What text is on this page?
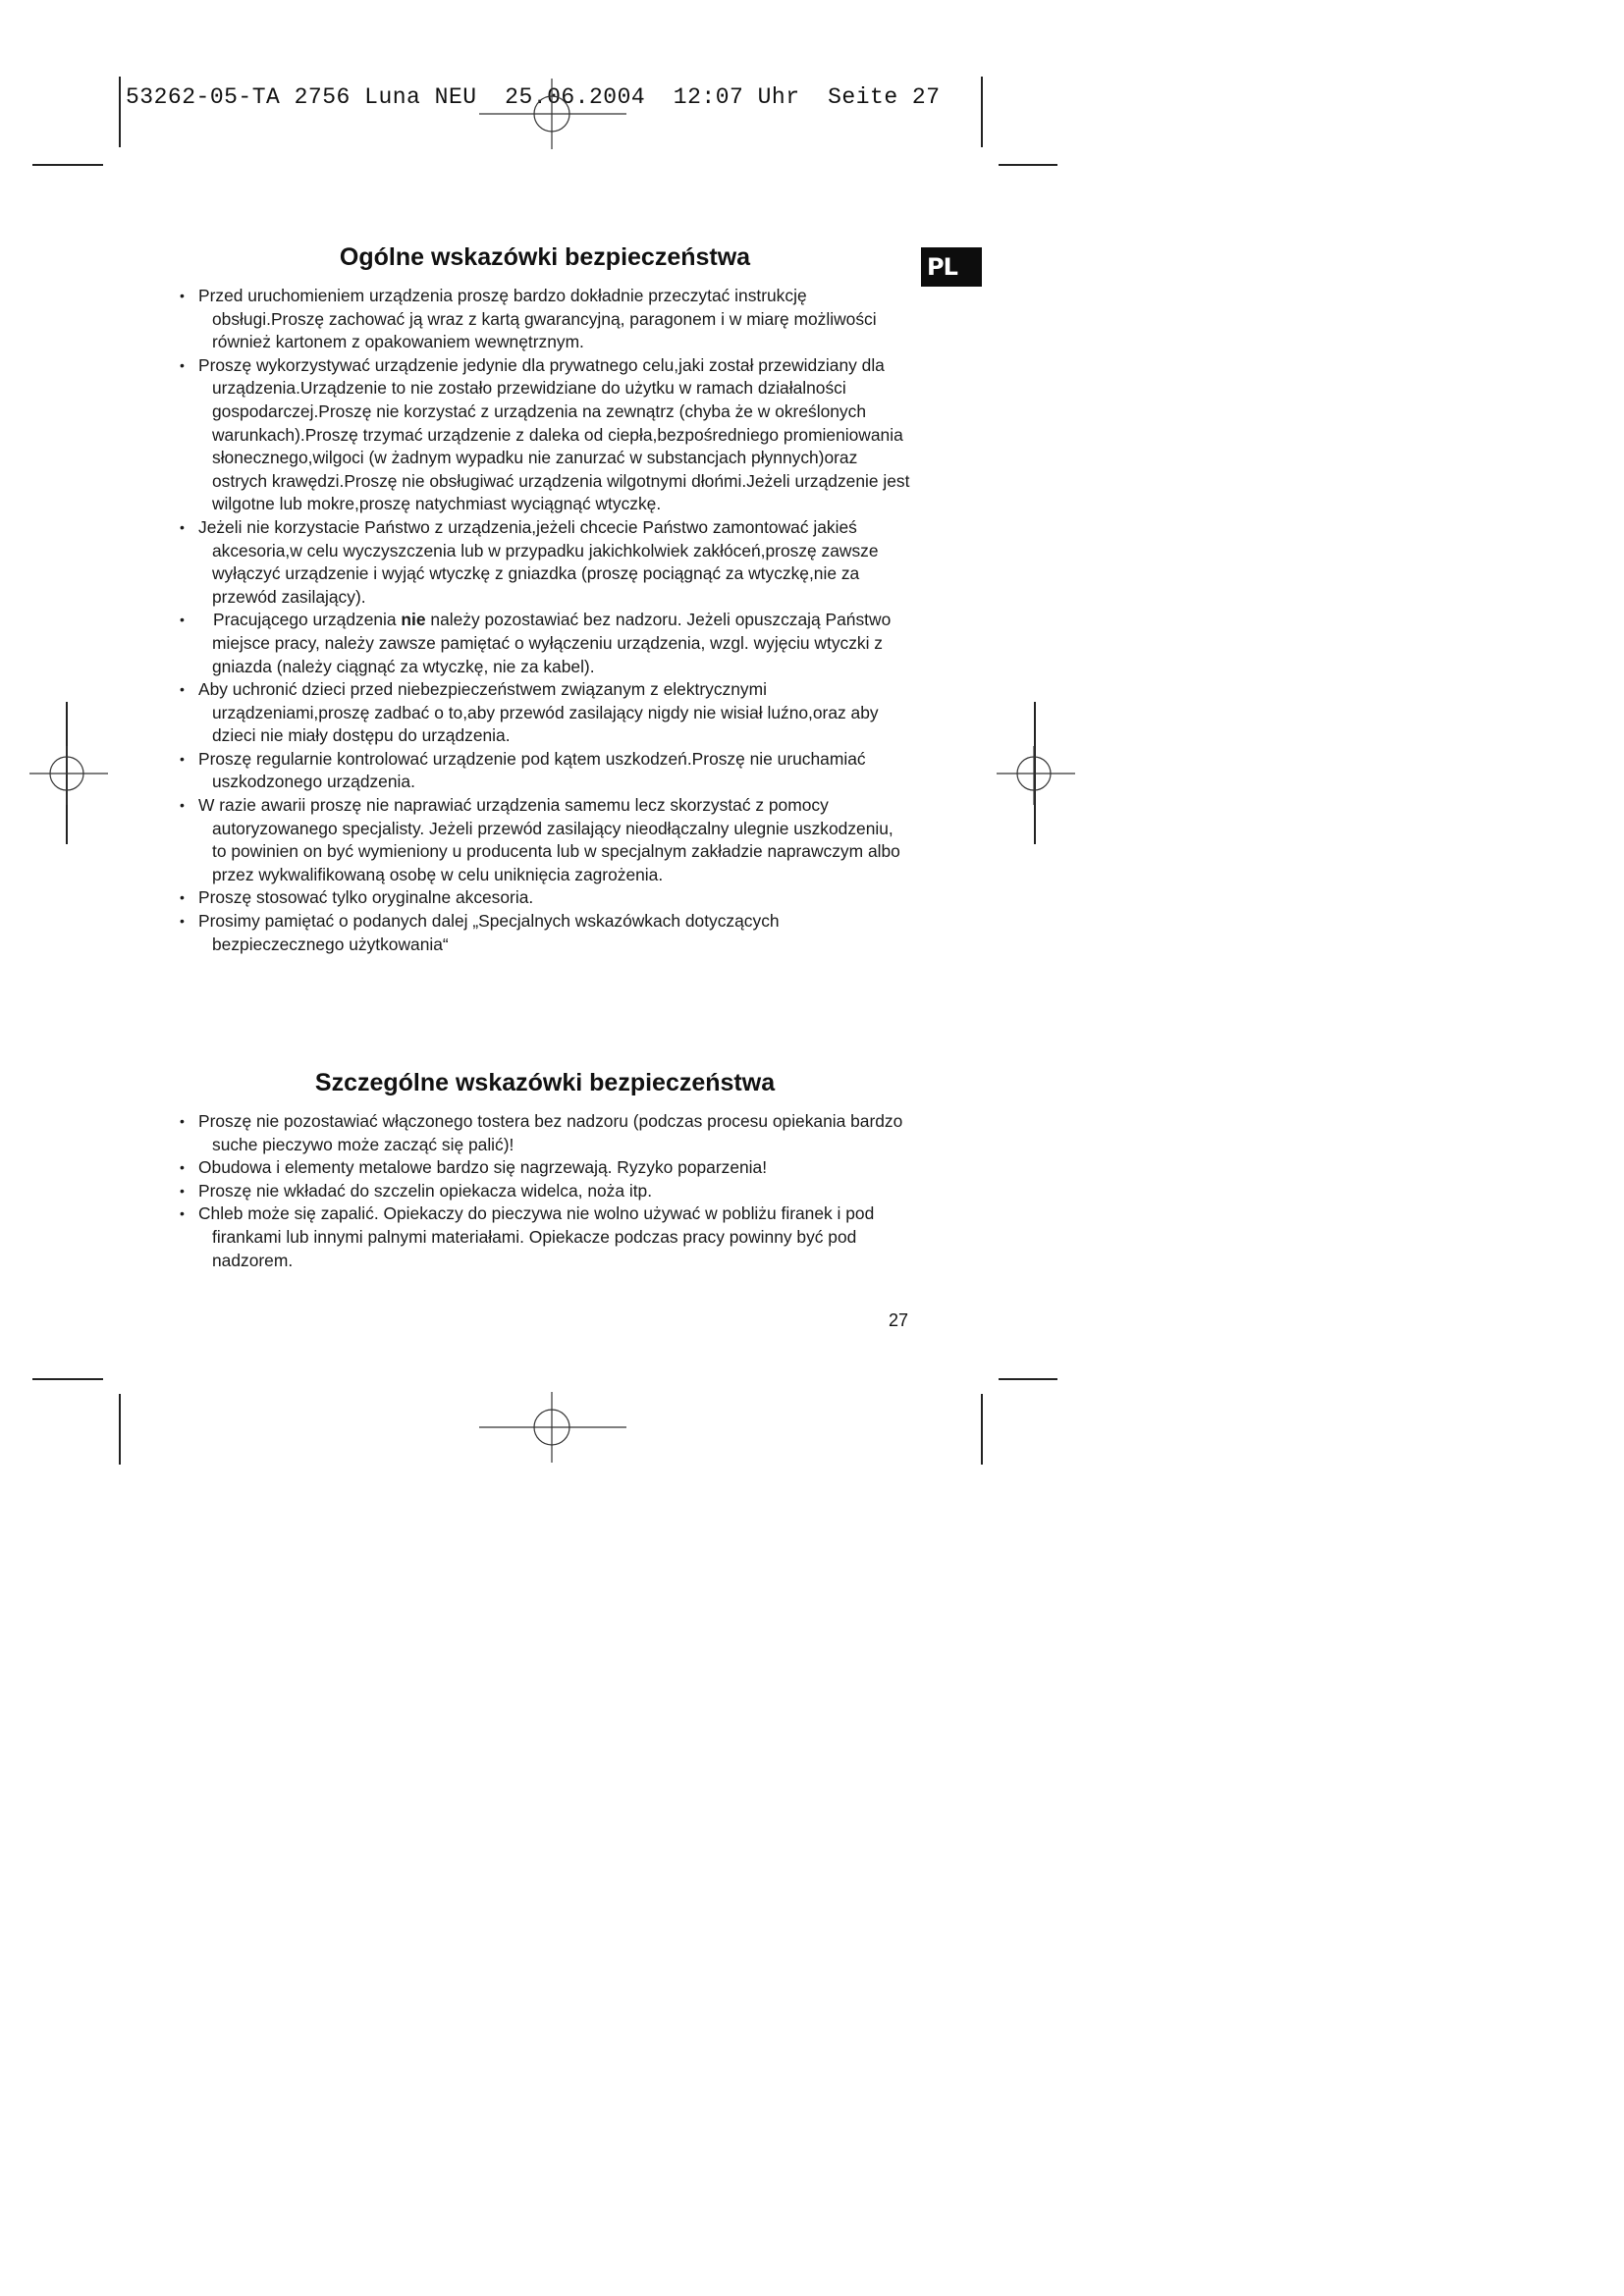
53262-05-TA 2756 Luna NEU  25.06.2004  12:07 Uhr  Seite 27
PL
Ogólne wskazówki bezpieczeństwa
• Przed uruchomieniem urządzenia proszę bardzo dokładnie przeczytać instrukcję obsługi.Proszę zachować ją wraz z kartą gwarancyjną, paragonem i w miarę możliwości również kartonem z opakowaniem wewnętrznym.
• Proszę wykorzystywać urządzenie jedynie dla prywatnego celu,jaki został przewidziany dla urządzenia.Urządzenie to nie zostało przewidziane do użytku w ramach działalności gospodarczej.Proszę nie korzystać z urządzenia na zewnątrz (chyba że w określonych warunkach).Proszę trzymać urządzenie z daleka od ciepła,bezpośredniego promieniowania słonecznego,wilgoci (w żadnym wypadku nie zanurzać w substancjach płynnych)oraz ostrych krawędzi.Proszę nie obsługiwać urządzenia wilgotnymi dłońmi.Jeżeli urządzenie jest wilgotne lub mokre,proszę natychmiast wyciągnąć wtyczkę.
• Jeżeli nie korzystacie Państwo z urządzenia,jeżeli chcecie Państwo zamontować jakieś akcesoria,w celu wyczyszczenia lub w przypadku jakichkolwiek zakłóceń,proszę zawsze wyłączyć urządzenie i wyjąć wtyczkę z gniazdka (proszę pociągnąć za wtyczkę,nie za przewód zasilający).
• Pracującego urządzenia nie należy pozostawiać bez nadzoru. Jeżeli opuszczają Państwo miejsce pracy, należy zawsze pamiętać o wyłączeniu urządzenia, wzgl. wyjęciu wtyczki z gniazda (należy ciągnąć za wtyczkę, nie za kabel).
• Aby uchronić dzieci przed niebezpieczeństwem związanym z elektrycznymi urządzeniami,proszę zadbać o to,aby przewód zasilający nigdy nie wisiał luźno,oraz aby dzieci nie miały dostępu do urządzenia.
• Proszę regularnie kontrolować urządzenie pod kątem uszkodzeń.Proszę nie uruchamiać uszkodzonego urządzenia.
• W razie awarii proszę nie naprawiać urządzenia samemu lecz skorzystać z pomocy autoryzowanego specjalisty. Jeżeli przewód zasilający nieodłączalny ulegnie uszkodzeniu, to powinien on być wymieniony u producenta lub w specjalnym zakładzie naprawczym albo przez wykwalifikowaną osobę w celu uniknięcia zagrożenia.
• Proszę stosować tylko oryginalne akcesoria.
• Prosimy pamiętać o podanych dalej „Specjalnych wskazówkach dotyczących bezpieczecznego użytkowania“
Szczególne wskazówki bezpieczeństwa
• Proszę nie pozostawiać włączonego tostera bez nadzoru (podczas procesu opiekania bardzo suche pieczywo może zacząć się palić)!
• Obudowa i elementy metalowe bardzo się nagrzewają. Ryzyko poparzenia!
• Proszę nie wkładać do szczelin opiekacza widelca, noża itp.
• Chleb może się zapalić. Opiekaczy do pieczywa nie wolno używać w pobliżu firanek i pod firankami lub innymi palnymi materiałami. Opiekacze podczas pracy powinny być pod nadzorem.
27
